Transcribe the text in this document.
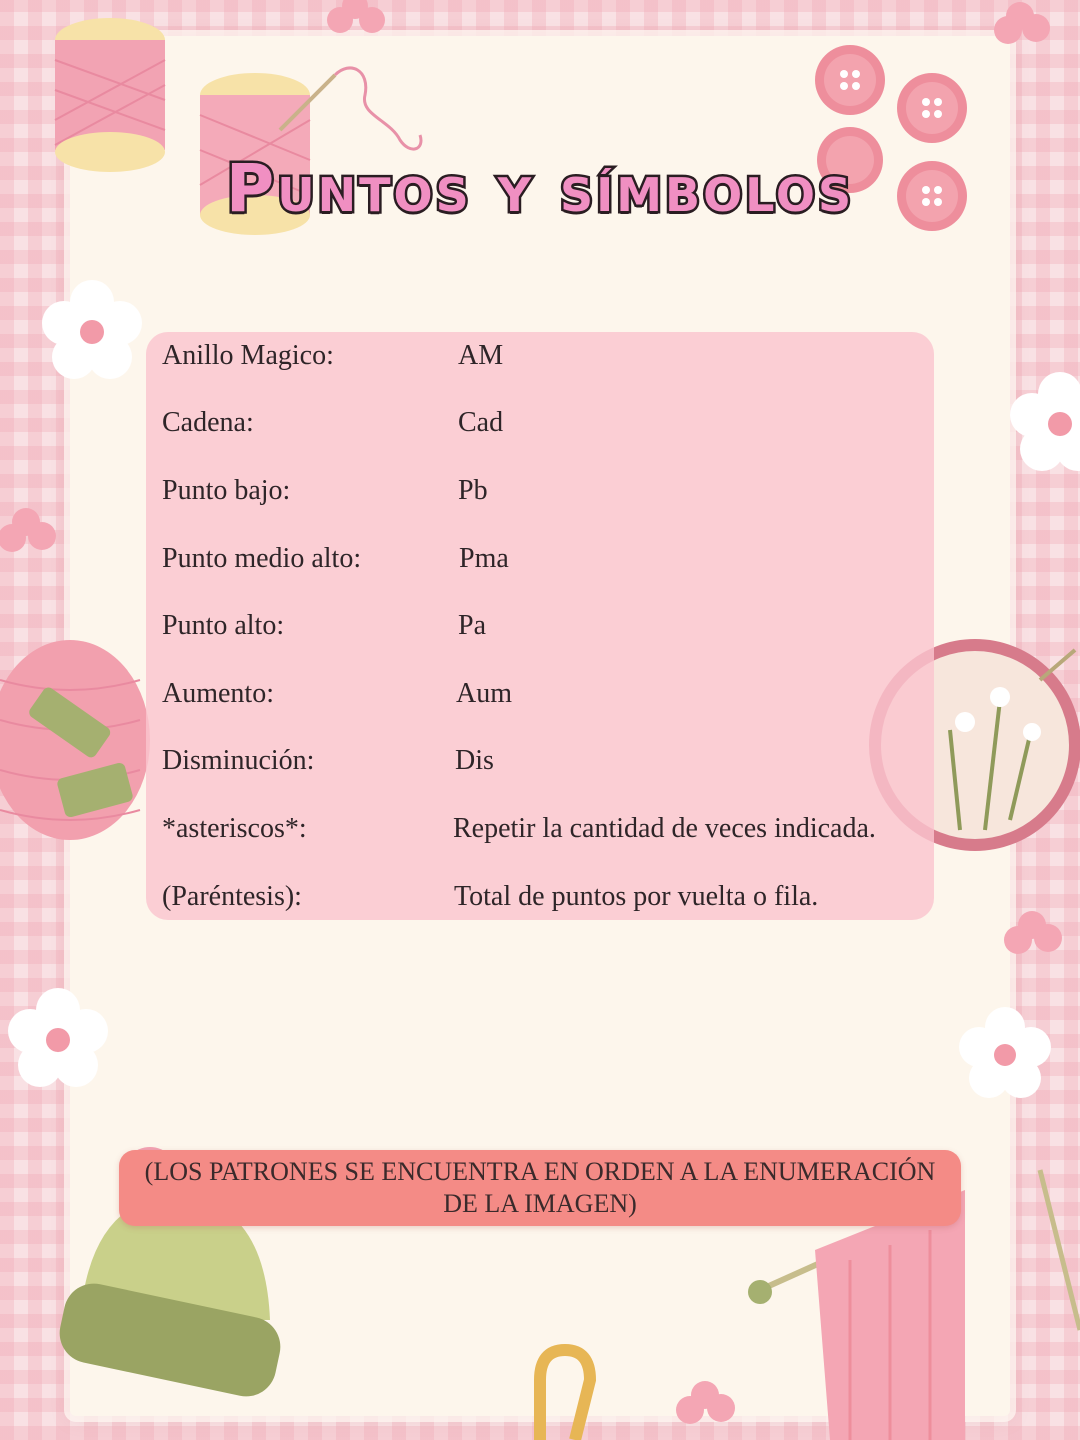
Puntos y símbolos
Anillo Magico:	AM
Cadena:	Cad
Punto bajo:	Pb
Punto medio alto:	Pma
Punto alto:	Pa
Aumento:	Aum
Disminución:	Dis
*asteriscos*:	Repetir la cantidad de veces indicada.
(Paréntesis):	Total de puntos por vuelta o fila.
(LOS PATRONES SE ENCUENTRA EN ORDEN A LA ENUMERACIÓN
DE LA IMAGEN)
